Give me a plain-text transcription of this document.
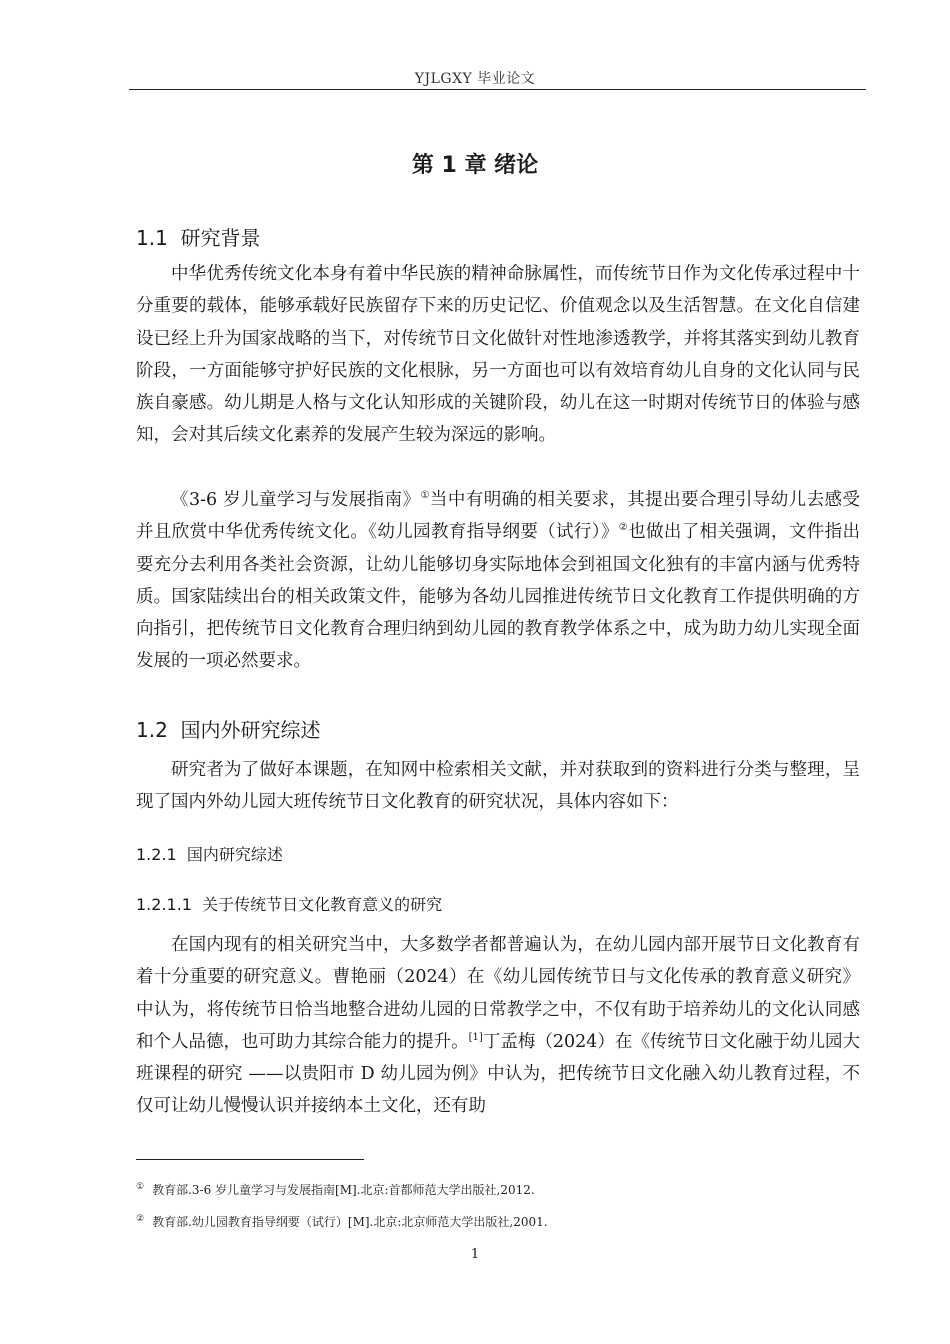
YJLGXY 毕业论文
第 1 章 绪论
1.1 研究背景

中华优秀传统文化本身有着中华民族的精神命脉属性，而传统节日作为文化传承过程中十分重要的载体，能够承载好民族留存下来的历史记忆、价值观念以及生活智慧。在文化自信建设已经上升为国家战略的当下，对传统节日文化做针对性地渗透教学，并将其落实到幼儿教育阶段，一方面能够守护好民族的文化根脉，另一方面也可以有效培育幼儿自身的文化认同与民族自豪感。幼儿期是人格与文化认知形成的关键阶段，幼儿在这一时期对传统节日的体验与感知，会对其后续文化素养的发展产生较为深远的影响。

《3-6 岁儿童学习与发展指南》①当中有明确的相关要求，其提出要合理引导幼儿去感受并且欣赏中华优秀传统文化。《幼儿园教育指导纲要（试行）》②也做出了相关强调，文件指出要充分去利用各类社会资源，让幼儿能够切身实际地体会到祖国文化独有的丰富内涵与优秀特质。国家陆续出台的相关政策文件，能够为各幼儿园推进传统节日文化教育工作提供明确的方向指引，把传统节日文化教育合理归纳到幼儿园的教育教学体系之中，成为助力幼儿实现全面发展的一项必然要求。

1.2 国内外研究综述

研究者为了做好本课题，在知网中检索相关文献，并对获取到的资料进行分类与整理，呈现了国内外幼儿园大班传统节日文化教育的研究状况，具体内容如下：

1.2.1 国内研究综述
1.2.1.1 关于传统节日文化教育意义的研究

在国内现有的相关研究当中，大多数学者都普遍认为，在幼儿园内部开展节日文化教育有着十分重要的研究意义。曹艳丽（2024）在《幼儿园传统节日与文化传承的教育意义研究》中认为，将传统节日恰当地整合进幼儿园的日常教学之中，不仅有助于培养幼儿的文化认同感和个人品德，也可助力其综合能力的提升。[1]丁孟梅（2024）在《传统节日文化融于幼儿园大班课程的研究 ——以贵阳市 D 幼儿园为例》中认为，把传统节日文化融入幼儿教育过程，不仅可让幼儿慢慢认识并接纳本土文化，还有助

① 教育部.3-6 岁儿童学习与发展指南[M].北京:首都师范大学出版社,2012.
② 教育部.幼儿园教育指导纲要（试行）[M].北京:北京师范大学出版社,2001.
1
